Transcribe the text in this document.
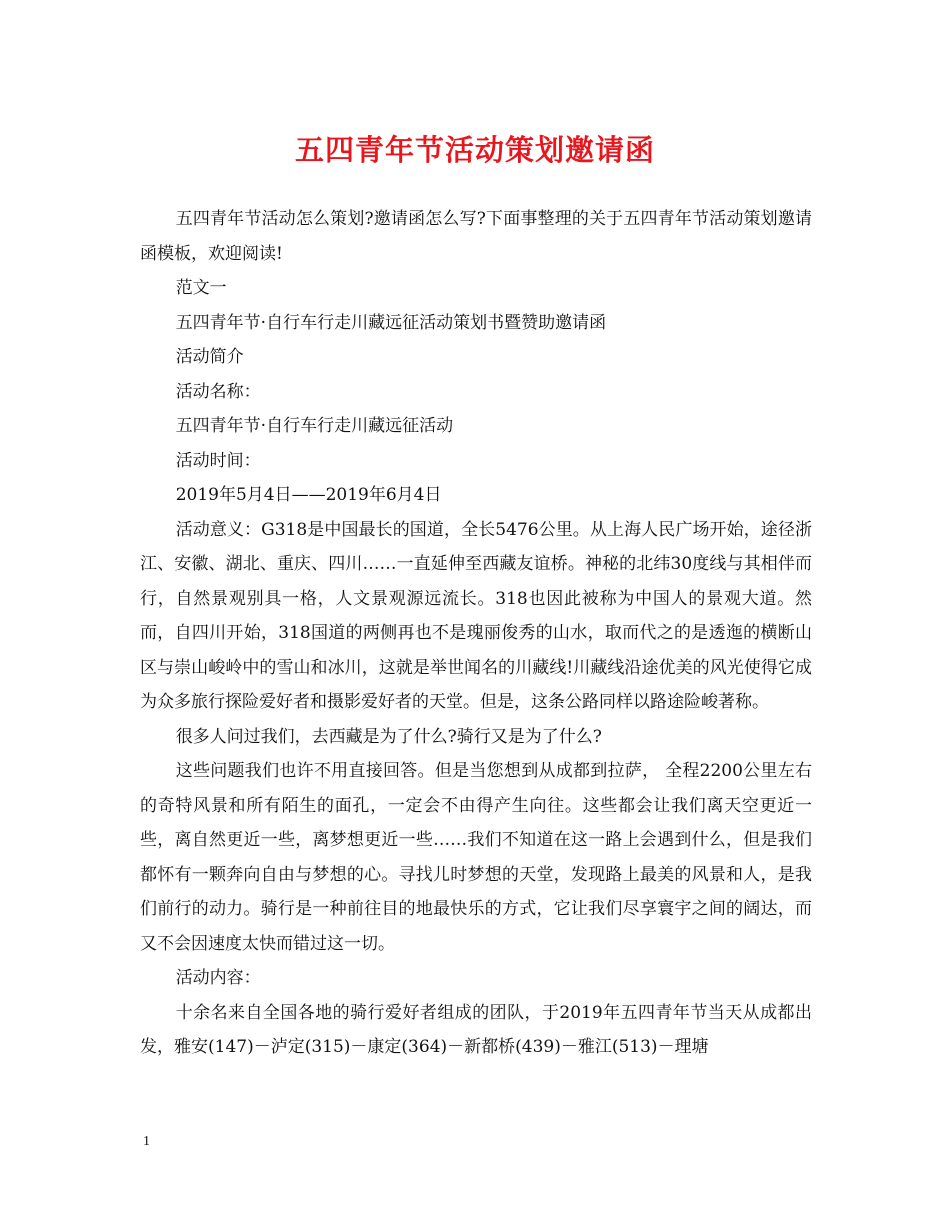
五四青年节活动策划邀请函

五四青年节活动怎么策划?邀请函怎么写?下面事整理的关于五四青年节活动策划邀请函模板，欢迎阅读!

范文一

五四青年节·自行车行走川藏远征活动策划书暨赞助邀请函

活动简介

活动名称：

五四青年节·自行车行走川藏远征活动

活动时间：

2019年5月4日——2019年6月4日

活动意义：G318是中国最长的国道，全长5476公里。从上海人民广场开始，途径浙江、安徽、湖北、重庆、四川……一直延伸至西藏友谊桥。神秘的北纬30度线与其相伴而行，自然景观别具一格，人文景观源远流长。318也因此被称为中国人的景观大道。然而，自四川开始，318国道的两侧再也不是瑰丽俊秀的山水，取而代之的是透迤的横断山区与崇山峻岭中的雪山和冰川，这就是举世闻名的川藏线!川藏线沿途优美的风光使得它成为众多旅行探险爱好者和摄影爱好者的天堂。但是，这条公路同样以路途险峻著称。

很多人问过我们，去西藏是为了什么?骑行又是为了什么?

这些问题我们也许不用直接回答。但是当您想到从成都到拉萨， 全程2200公里左右的奇特风景和所有陌生的面孔，一定会不由得产生向往。这些都会让我们离天空更近一些，离自然更近一些，离梦想更近一些……我们不知道在这一路上会遇到什么，但是我们都怀有一颗奔向自由与梦想的心。寻找儿时梦想的天堂，发现路上最美的风景和人，是我们前行的动力。骑行是一种前往目的地最快乐的方式，它让我们尽享寰宇之间的阔达，而又不会因速度太快而错过这一切。

活动内容：

十余名来自全国各地的骑行爱好者组成的团队，于2019年五四青年节当天从成都出发，雅安(147)－泸定(315)－康定(364)－新都桥(439)－雅江(513)－理塘

1
